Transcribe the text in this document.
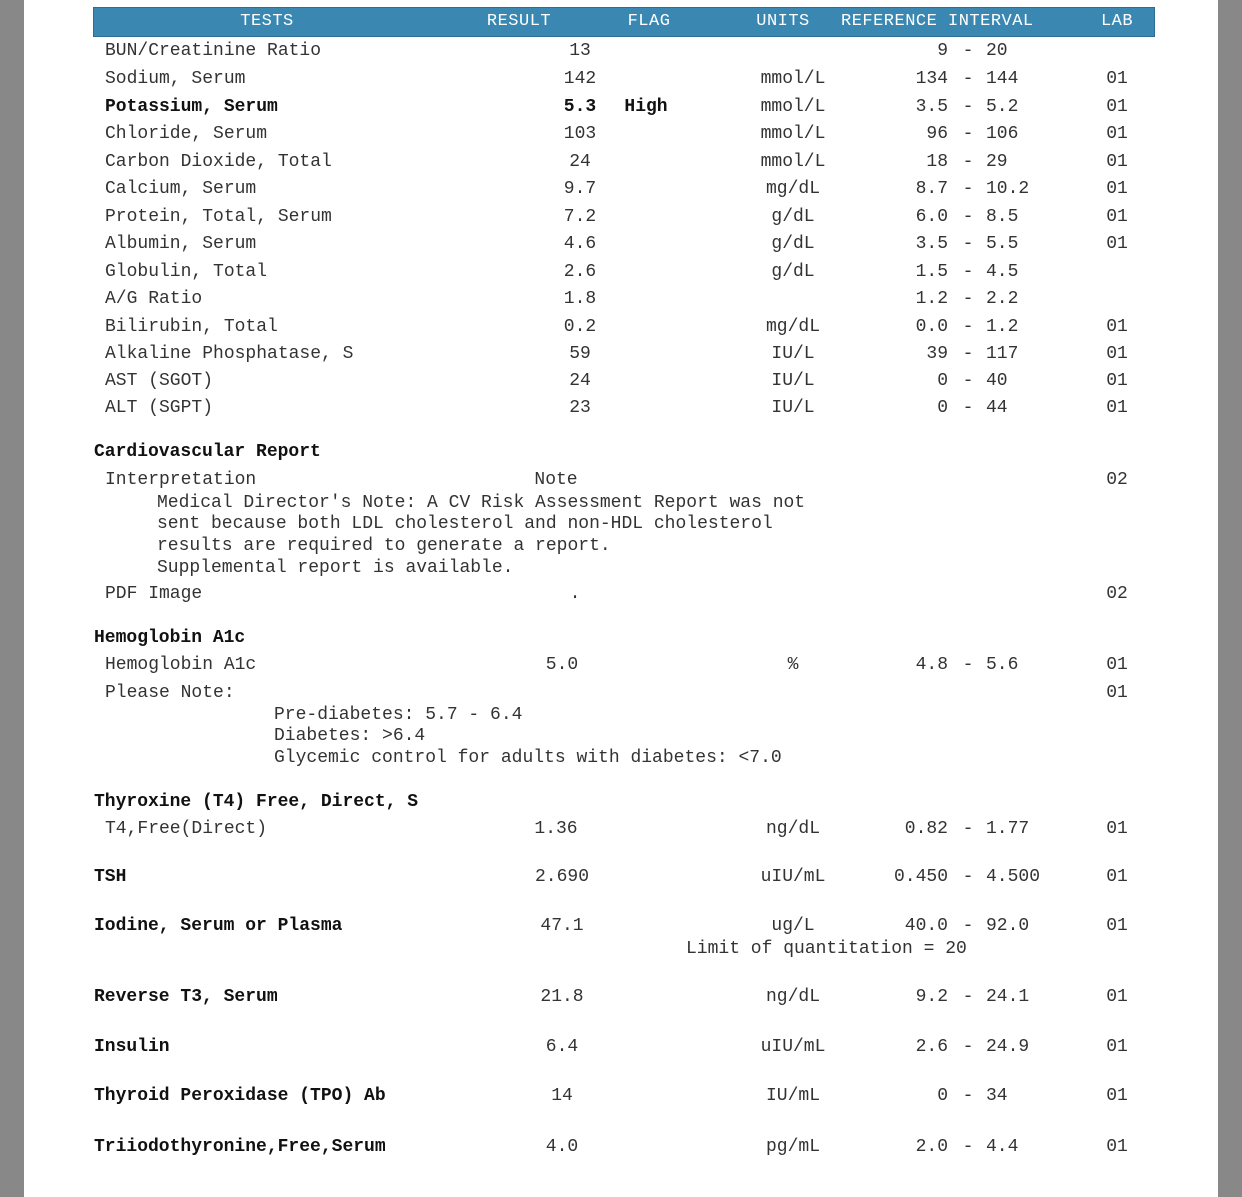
TESTS	RESULT	FLAG	UNITS REFERENCE INTERVAL	LAB
BUN/Creatinine Ratio	13	9 - 20
Sodium, Serum	142	mmol/L	134 - 144	01
Potassium, Serum	5.3 High	mmol/L	3.5 - 5.2	01
Chloride, Serum	103	mmol/L	96 - 106	01
Carbon Dioxide, Total	24	mmol/L	18 - 29	01
Calcium, Serum	9.7	mg/dL	8.7 - 10.2	01
Protein, Total, Serum	7.2	g/dL	6.0 - 8.5	01
Albumin, Serum	4.6	g/dL	3.5 - 5.5	01
Globulin, Total	2.6	g/dL	1.5 - 4.5
A/G Ratio	1.8	1.2 - 2.2
Bilirubin, Total	0.2	mg/dL	0.0 - 1.2	01
Alkaline Phosphatase, S	59	IU/L	39 - 117	01
AST (SGOT)	24	IU/L	0 - 40	01
ALT (SGPT)	23	IU/L	0 - 44	01
Cardiovascular Report
Interpretation	Note	02
Medical Director's Note: A CV Risk Assessment Report was not
sent because both LDL cholesterol and non-HDL cholesterol
results are required to generate a report.
Supplemental report is available.
PDF Image	.	02
Hemoglobin A1c
Hemoglobin A1c	5.0	%	4.8 - 5.6	01
Please Note:	01
Pre-diabetes: 5.7 - 6.4
Diabetes: >6.4
Glycemic control for adults with diabetes: <7.0
Thyroxine (T4) Free, Direct, S
T4,Free(Direct)	1.36	ng/dL	0.82 - 1.77	01
TSH	2.690	uIU/mL	0.450 - 4.500	01
Iodine, Serum or Plasma	47.1	ug/L	40.0 - 92.0	01
Limit of quantitation = 20
Reverse T3, Serum	21.8	ng/dL	9.2 - 24.1	01
Insulin	6.4	uIU/mL	2.6 - 24.9	01
Thyroid Peroxidase (TPO) Ab	14	IU/mL	0 - 34	01
Triiodothyronine,Free,Serum	4.0	pg/mL	2.0 - 4.4	01
